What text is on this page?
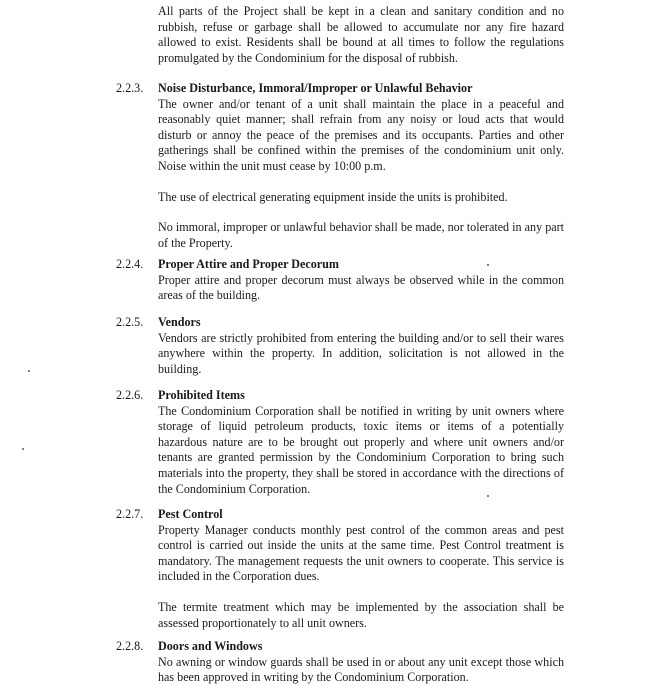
All parts of the Project shall be kept in a clean and sanitary condition and no rubbish, refuse or garbage shall be allowed to accumulate nor any fire hazard allowed to exist. Residents shall be bound at all times to follow the regulations promulgated by the Condominium for the disposal of rubbish.
2.2.3. Noise Disturbance, Immoral/Improper or Unlawful Behavior
The owner and/or tenant of a unit shall maintain the place in a peaceful and reasonably quiet manner; shall refrain from any noisy or loud acts that would disturb or annoy the peace of the premises and its occupants. Parties and other gatherings shall be confined within the premises of the condominium unit only. Noise within the unit must cease by 10:00 p.m.
The use of electrical generating equipment inside the units is prohibited.
No immoral, improper or unlawful behavior shall be made, nor tolerated in any part of the Property.
2.2.4. Proper Attire and Proper Decorum
Proper attire and proper decorum must always be observed while in the common areas of the building.
2.2.5. Vendors
Vendors are strictly prohibited from entering the building and/or to sell their wares anywhere within the property. In addition, solicitation is not allowed in the building.
2.2.6. Prohibited Items
The Condominium Corporation shall be notified in writing by unit owners where storage of liquid petroleum products, toxic items or items of a potentially hazardous nature are to be brought out properly and where unit owners and/or tenants are granted permission by the Condominium Corporation to bring such materials into the property, they shall be stored in accordance with the directions of the Condominium Corporation.
2.2.7. Pest Control
Property Manager conducts monthly pest control of the common areas and pest control is carried out inside the units at the same time. Pest Control treatment is mandatory. The management requests the unit owners to cooperate. This service is included in the Corporation dues.
The termite treatment which may be implemented by the association shall be assessed proportionately to all unit owners.
2.2.8. Doors and Windows
No awning or window guards shall be used in or about any unit except those which has been approved in writing by the Condominium Corporation.
